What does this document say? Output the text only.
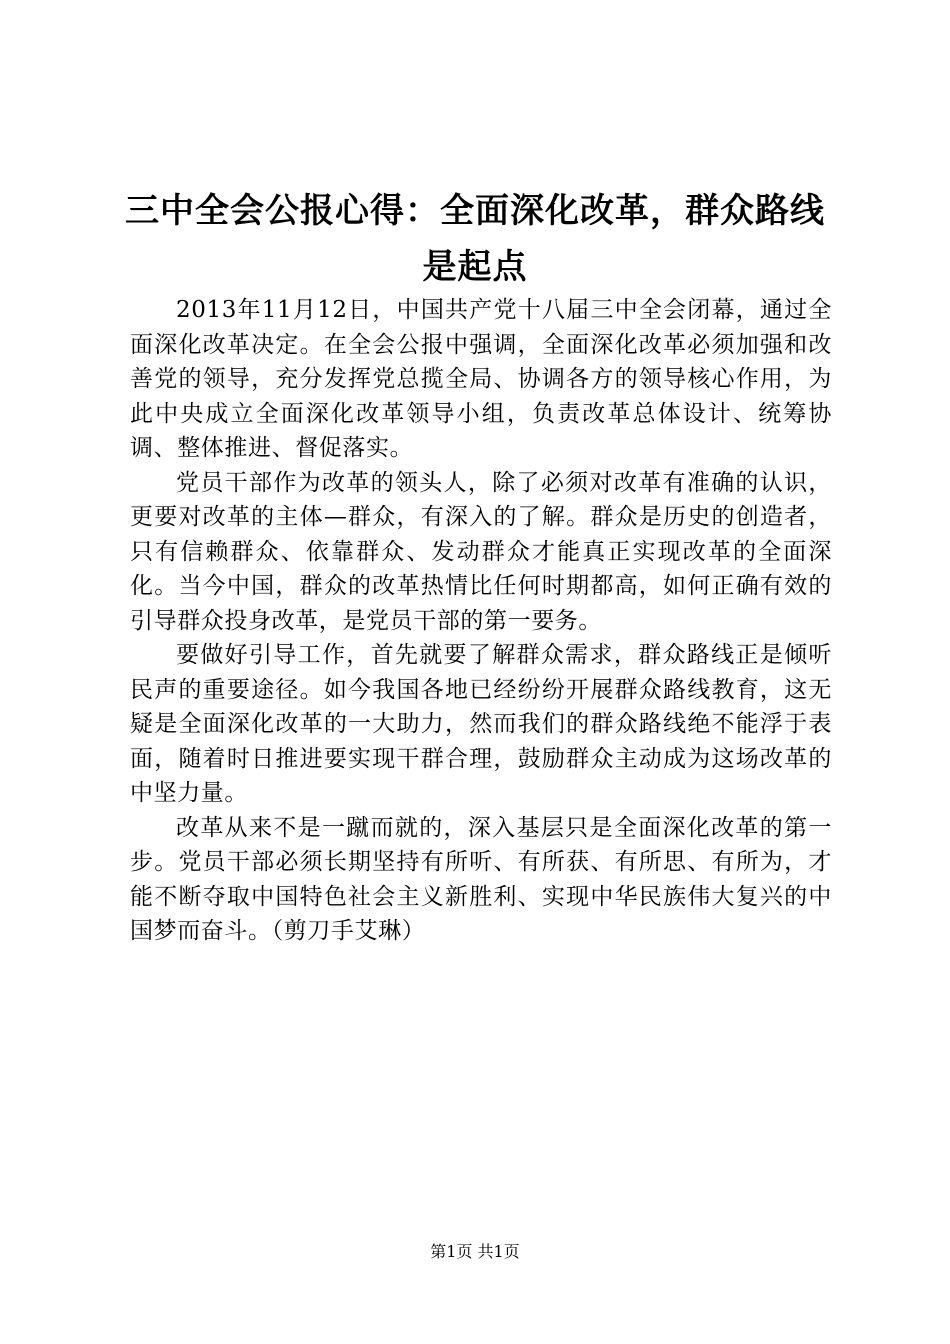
三中全会公报心得：全面深化改革，群众路线是起点

2013年11月12日，中国共产党十八届三中全会闭幕，通过全面深化改革决定。在全会公报中强调，全面深化改革必须加强和改善党的领导，充分发挥党总揽全局、协调各方的领导核心作用，为此中央成立全面深化改革领导小组，负责改革总体设计、统筹协调、整体推进、督促落实。

党员干部作为改革的领头人，除了必须对改革有准确的认识，更要对改革的主体—群众，有深入的了解。群众是历史的创造者，只有信赖群众、依靠群众、发动群众才能真正实现改革的全面深化。当今中国，群众的改革热情比任何时期都高，如何正确有效的引导群众投身改革，是党员干部的第一要务。

要做好引导工作，首先就要了解群众需求，群众路线正是倾听民声的重要途径。如今我国各地已经纷纷开展群众路线教育，这无疑是全面深化改革的一大助力，然而我们的群众路线绝不能浮于表面，随着时日推进要实现干群合理，鼓励群众主动成为这场改革的中坚力量。

改革从来不是一蹴而就的，深入基层只是全面深化改革的第一步。党员干部必须长期坚持有所听、有所获、有所思、有所为，才能不断夺取中国特色社会主义新胜利、实现中华民族伟大复兴的中国梦而奋斗。（剪刀手艾琳）

第1页 共1页
